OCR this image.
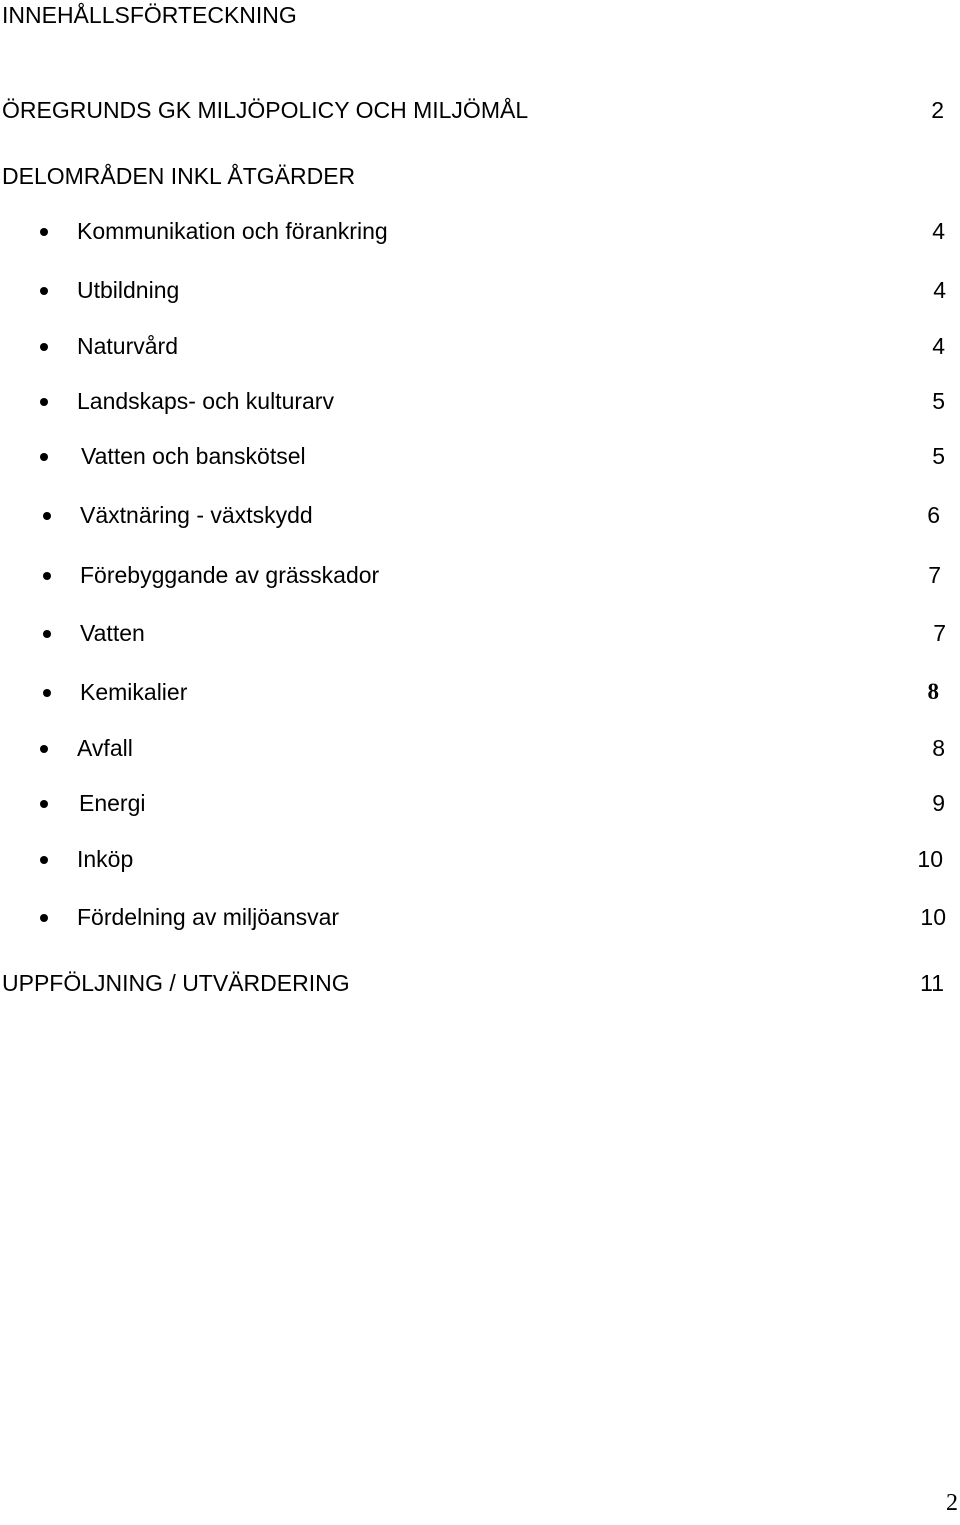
INNEHÅLLSFÖRTECKNING
ÖREGRUNDS GK MILJÖPOLICY OCH MILJÖMÅL	2
DELOMRÅDEN INKL ÅTGÄRDER
Kommunikation och förankring	4
Utbildning	4
Naturvård	4
Landskaps- och kulturarv	5
Vatten och banskötsel	5
Växtnäring - växtskydd	6
Förebyggande av grässkador	7
Vatten	7
Kemikalier	8
Avfall	8
Energi	9
Inköp	10
Fördelning av miljöansvar	10
UPPFÖLJNING / UTVÄRDERING	11
2
